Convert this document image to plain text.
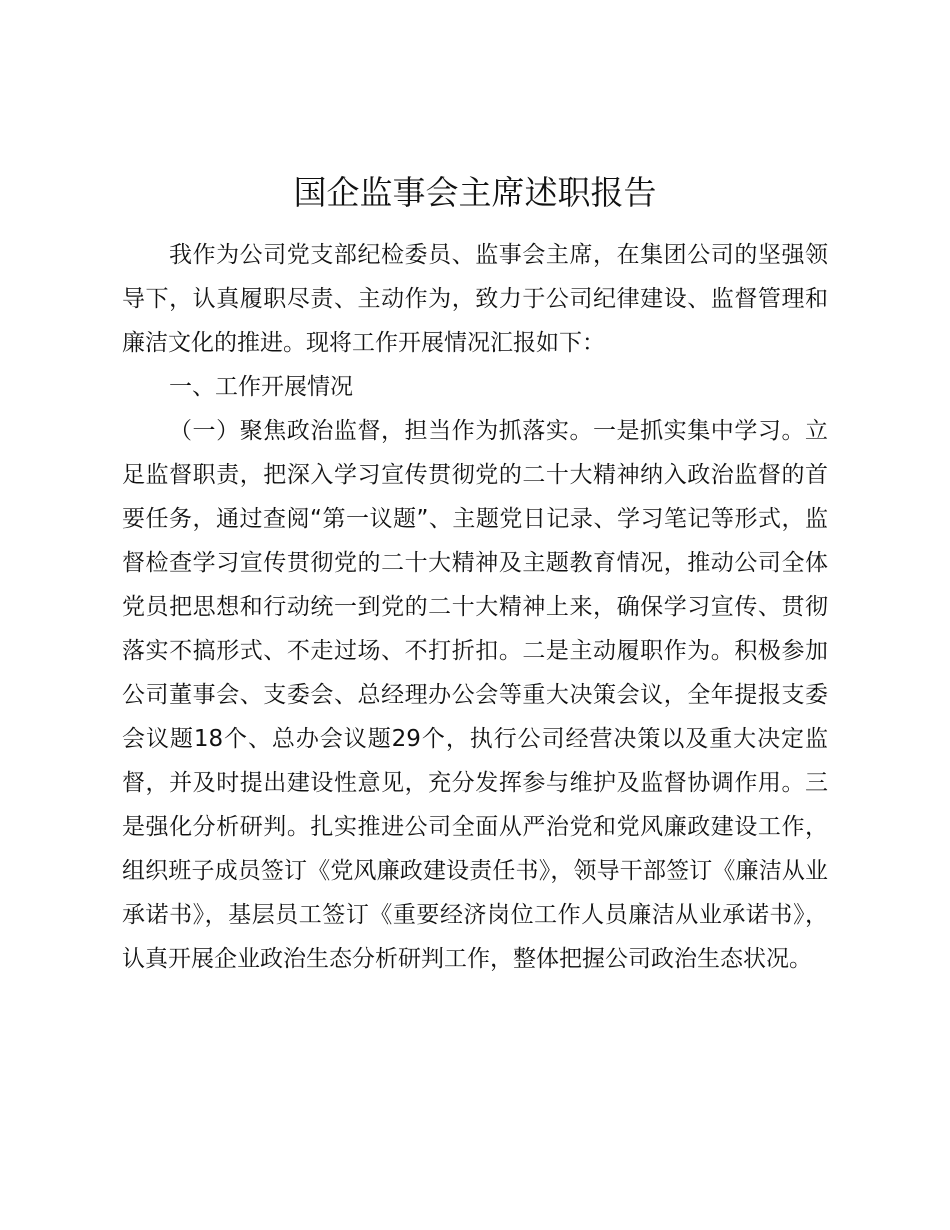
国企监事会主席述职报告

我作为公司党支部纪检委员、监事会主席，在集团公司的坚强领导下，认真履职尽责、主动作为，致力于公司纪律建设、监督管理和廉洁文化的推进。现将工作开展情况汇报如下：

一、工作开展情况

（一）聚焦政治监督，担当作为抓落实。一是抓实集中学习。立足监督职责，把深入学习宣传贯彻党的二十大精神纳入政治监督的首要任务，通过查阅“第一议题”、主题党日记录、学习笔记等形式，监督检查学习宣传贯彻党的二十大精神及主题教育情况，推动公司全体党员把思想和行动统一到党的二十大精神上来，确保学习宣传、贯彻落实不搞形式、不走过场、不打折扣。二是主动履职作为。积极参加公司董事会、支委会、总经理办公会等重大决策会议，全年提报支委会议题18个、总办会议题29个，执行公司经营决策以及重大决定监督，并及时提出建设性意见，充分发挥参与维护及监督协调作用。三是强化分析研判。扎实推进公司全面从严治党和党风廉政建设工作，组织班子成员签订《党风廉政建设责任书》，领导干部签订《廉洁从业承诺书》，基层员工签订《重要经济岗位工作人员廉洁从业承诺书》，认真开展企业政治生态分析研判工作，整体把握公司政治生态状况。
